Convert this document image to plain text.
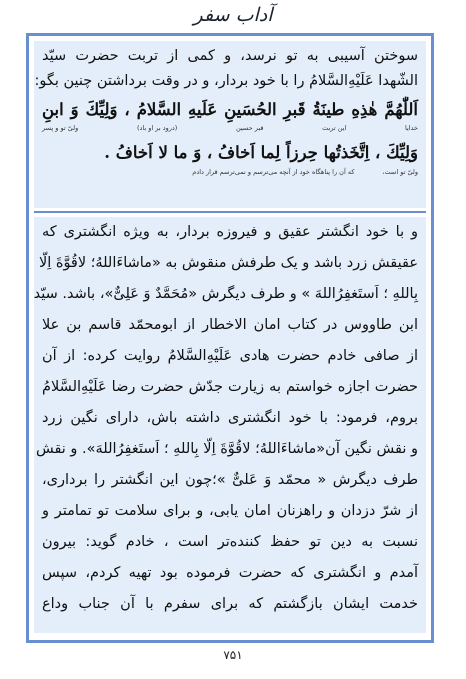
آداب سفر
سوختن آسیبی به تو نرسد، و کمی از تربت حضرت سیّد
الشّهدا عَلَیْهِ‌السَّلامُ را با خود بردار، و در وقت برداشتن چنین بگو:
اَللّٰهُمَّ هٰذِهِ طینَةُ قَبرِ الحُسَینِ عَلَیهِ السَّلامُ ، وَلِیِّكَ وَ ابنِ
خدایا
این تربت
قبر حسین
(درود بر او باد)
ولیّ تو و پسر
وَلِیِّكَ ، اِتَّخَذتُها حِرزاً لِما اَخافُ ، وَ ما لا اَخافُ .
ولیّ تو است،
که آن را پناهگاه خود از آنچه می‌ترسم و نمی‌ترسم قرار دادم
و با خود انگشتر عقیق و فیروزه بردار، به ویژه انگشتری که
عقیقش زرد باشد و یک طرفش منقوش به «ماشاءَاللهُ؛ لاقُوَّةَ اِلّا
بِاللهِ ؛ اَستَغفِرُاللهَ » و طرف دیگرش «مُحَمَّدٌ وَ عَلِیٌّ»، باشد. سیّد
ابن طاووس در کتاب امان الاخطار از ابومحمّد قاسم بن علا
از صافی خادم حضرت هادی عَلَیْهِ‌السَّلامُ روایت کرده: از آن
حضرت اجازه خواستم به زیارت جدّش حضرت رضا عَلَیْهِ‌السَّلامُ
بروم، فرمود: با خود انگشتری داشته باش، دارای نگین زرد
و نقش نگین آن«ماشاءَاللهُ؛ لاقُوَّةَ اِلّا بِاللهِ ؛ اَستَغفِرُاللهَ». و نقش
طرف دیگرش « محمّد وَ عَلیٌّ »؛چون این انگشتر را برداری،
از شرّ دزدان و راهزنان امان یابی، و برای سلامت تو تمامتر و
نسبت به دین تو حفظ کننده‌تر است ، خادم گوید: بیرون
آمدم و انگشتری که حضرت فرموده بود تهیه کردم، سپس
خدمت ایشان بازگشتم که برای سفرم با آن جناب وداع
۷۵۱
